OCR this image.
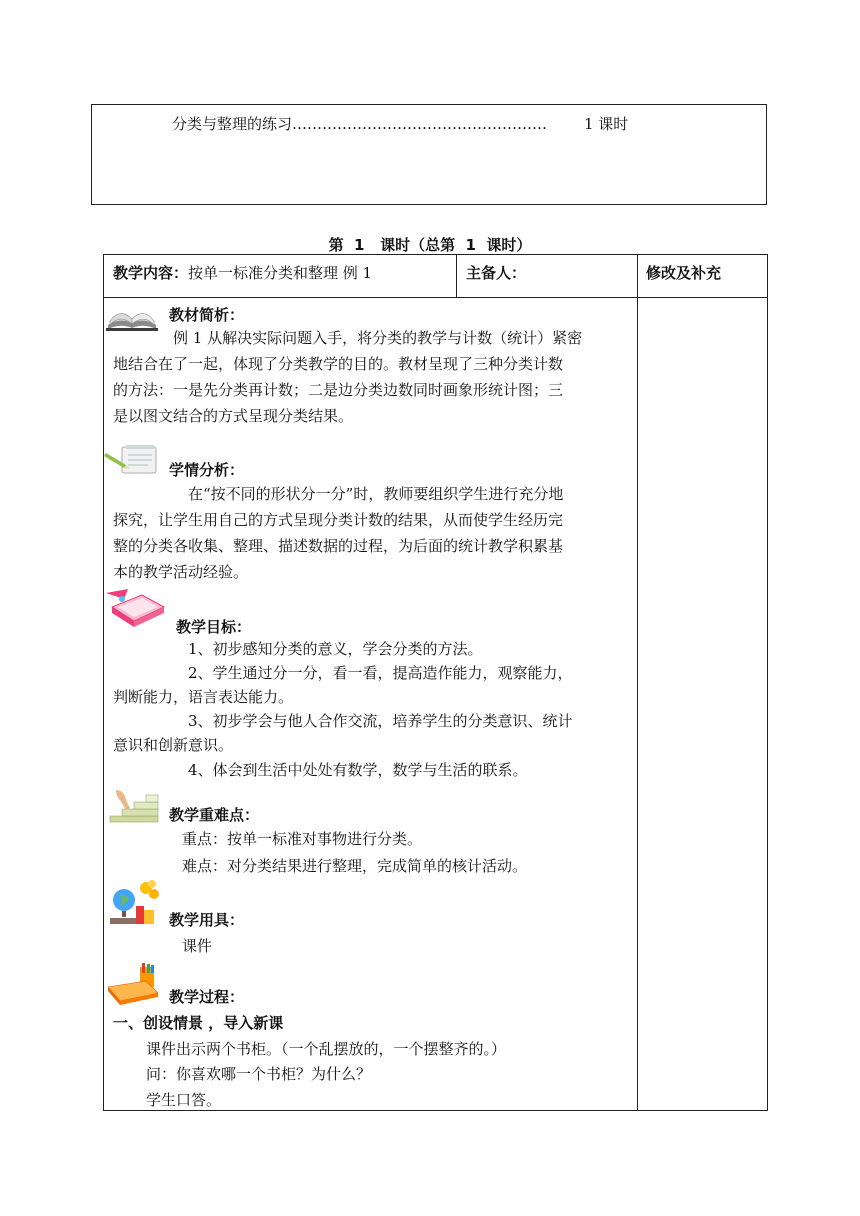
分类与整理的练习…………………………………………… 1 课时
第  1   课时（总第  1  课时）
教学内容：按单一标准分类和整理 例 1	主备人：	修改及补充
教材简析：
例 1 从解决实际问题入手，将分类的教学与计数（统计）紧密
地结合在了一起，体现了分类教学的目的。教材呈现了三种分类计数
的方法：一是先分类再计数；二是边分类边数同时画象形统计图；三
是以图文结合的方式呈现分类结果。
学情分析：
在“按不同的形状分一分”时，教师要组织学生进行充分地
探究，让学生用自己的方式呈现分类计数的结果，从而使学生经历完
整的分类各收集、整理、描述数据的过程，为后面的统计教学积累基
本的教学活动经验。
教学目标：
1、初步感知分类的意义，学会分类的方法。
2、学生通过分一分，看一看，提高造作能力，观察能力，
判断能力，语言表达能力。
3、初步学会与他人合作交流，培养学生的分类意识、统计
意识和创新意识。
4、体会到生活中处处有数学，数学与生活的联系。
教学重难点：
重点：按单一标准对事物进行分类。
难点：对分类结果进行整理，完成简单的核计活动。
教学用具：
课件
教学过程：
一、创设情景 ，导入新课
课件出示两个书柜。（一个乱摆放的，一个摆整齐的。）
问：你喜欢哪一个书柜？为什么？
学生口答。
